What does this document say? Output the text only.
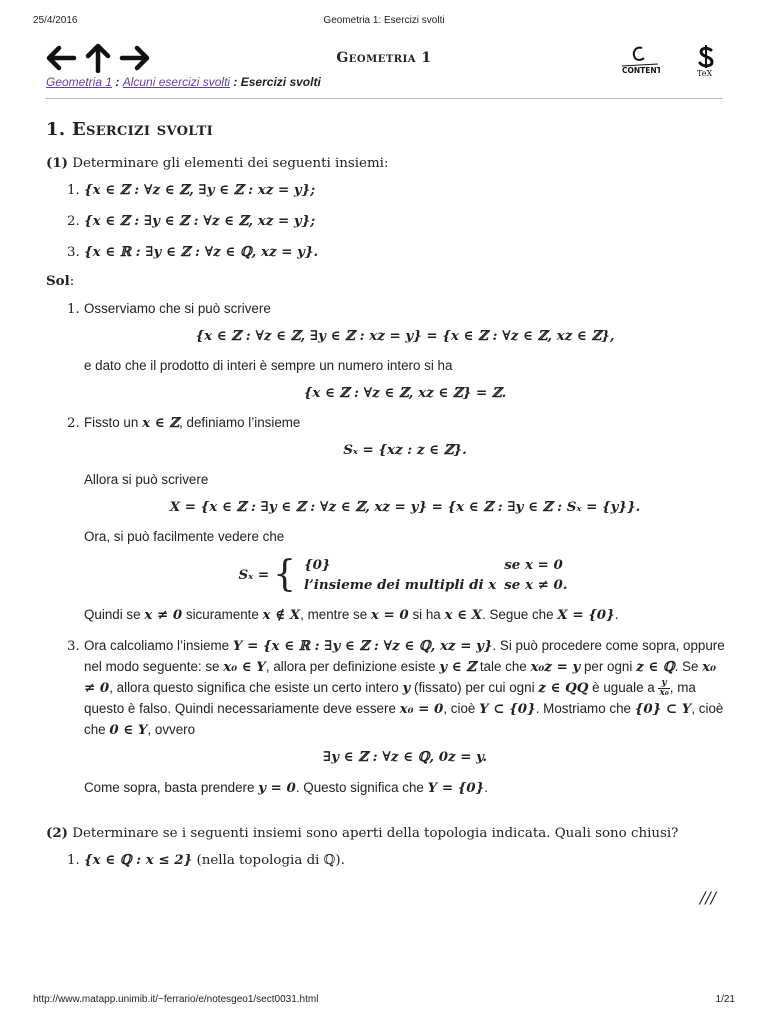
25/4/2016	Geometria 1: Esercizi svolti
Geometria 1
CONTENT	TeX
Geometria 1 : Alcuni esercizi svolti : Esercizi svolti
1. Esercizi svolti

(1) Determinare gli elementi dei seguenti insiemi:

1. {x ∈ ℤ : ∀z ∈ ℤ, ∃y ∈ ℤ : xz = y};
2. {x ∈ ℤ : ∃y ∈ ℤ : ∀z ∈ ℤ, xz = y};
3. {x ∈ ℝ : ∃y ∈ ℤ : ∀z ∈ ℚ, xz = y}.

Sol:

1. Osserviamo che si può scrivere
{x ∈ ℤ : ∀z ∈ ℤ, ∃y ∈ ℤ : xz = y} = {x ∈ ℤ : ∀z ∈ ℤ, xz ∈ ℤ},
e dato che il prodotto di interi è sempre un numero intero si ha
{x ∈ ℤ : ∀z ∈ ℤ, xz ∈ ℤ} = ℤ.
2. Fissto un x ∈ ℤ, definiamo l’insieme
Sₓ = {xz : z ∈ ℤ}.
Allora si può scrivere
X = {x ∈ ℤ : ∃y ∈ ℤ : ∀z ∈ ℤ, xz = y} = {x ∈ ℤ : ∃y ∈ ℤ : Sₓ = {y}}.
Ora, si può facilmente vedere che
Sₓ = { {0}	se x = 0
l’insieme dei multipli di x	se x ≠ 0.
Quindi se x ≠ 0 sicuramente x ∉ X, mentre se x = 0 si ha x ∈ X. Segue che X = {0}.
3. Ora calcoliamo l’insieme Y = {x ∈ ℝ : ∃y ∈ ℤ : ∀z ∈ ℚ, xz = y}. Si può procedere come sopra, oppure nel modo seguente: se x₀ ∈ Y, allora per definizione esiste y ∈ ℤ tale che x₀z = y per ogni z ∈ ℚ. Se x₀ ≠ 0, allora questo significa che esiste un certo intero y (fissato) per cui ogni z ∈ QQ è uguale a $\frac{y}{\text{x₀}}$ , ma questo è falso. Quindi necessariamente deve essere x₀ = 0, cioè Y ⊂ {0}. Mostriamo che {0} ⊂ Y, cioè che 0 ∈ Y, ovvero
∃y ∈ ℤ : ∀z ∈ ℚ, 0z = y.
Come sopra, basta prendere y = 0. Questo significa che Y = {0}.

(2) Determinare se i seguenti insiemi sono aperti della topologia indicata. Quali sono chiusi?

1. {x ∈ ℚ : x ≤ 2} (nella topologia di ℚ).
///
http://www.matapp.unimib.it/~ferrario/e/notesgeo1/sect0031.html	1/21
